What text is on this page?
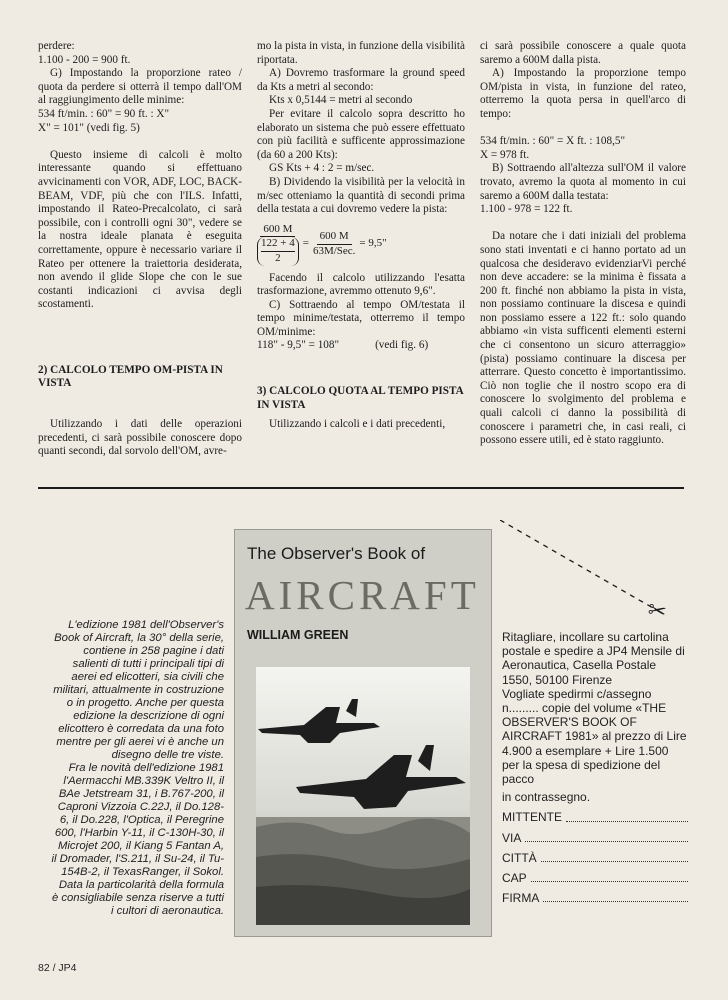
perdere:

1.100 - 200 = 900 ft.

G) Impostando la proporzione rateo / quota da perdere si otterrà il tempo dall'OM al raggiungimento delle minime:

534 ft/min. : 60" = 90 ft. : X"

X" = 101" (vedi fig. 5)

Questo insieme di calcoli è molto interessante quando si effettuano avvicinamenti con VOR, ADF, LOC, BACK-BEAM, VDF, più che con l'ILS. Infatti, impostando il Rateo-Precalcolato, ci sarà possibile, con i controlli ogni 30", vedere se la nostra ideale planata è eseguita correttamente, oppure è necessario variare il Rateo per ottenere la traiettoria desiderata, non avendo il glide Slope che con le sue costanti indicazioni ci avvisa degli scostamenti.

2) CALCOLO TEMPO OM-PISTA IN VISTA

Utilizzando i dati delle operazioni precedenti, ci sarà possibile conoscere dopo quanti secondi, dal sorvolo dell'OM, avre-

mo la pista in vista, in funzione della visibilità riportata.

A) Dovremo trasformare la ground speed da Kts a metri al secondo:

Kts x 0,5144 = metri al secondo

Per evitare il calcolo sopra descritto ho elaborato un sistema che può essere effettuato con più facilità e sufficente approssimazione (da 60 a 200 Kts):

GS Kts + 4 : 2 = m/sec.

B) Dividendo la visibilità per la velocità in m/sec otteniamo la quantità di secondi prima della testata a cui dovremo vedere la pista:

$\frac{600 M}{\frac{122 + 4}{2}}$ =
600 M
63M/Sec.
= 9,5"

Facendo il calcolo utilizzando l'esatta trasformazione, avremmo ottenuto 9,6".

C) Sottraendo al tempo OM/testata il tempo minime/testata, otterremo il tempo OM/minime:

118" - 9,5" = 108"	(vedi fig. 6)

3) CALCOLO QUOTA AL TEMPO PISTA IN VISTA

Utilizzando i calcoli e i dati precedenti,

ci sarà possibile conoscere a quale quota saremo a 600M dalla pista.

A) Impostando la proporzione tempo OM/pista in vista, in funzione del rateo, otterremo la quota persa in quell'arco di tempo:

534 ft/min. : 60" = X ft. : 108,5"

X = 978 ft.

B) Sottraendo all'altezza sull'OM il valore trovato, avremo la quota al momento in cui saremo a 600M dalla testata:

1.100 - 978 = 122 ft.

Da notare che i dati iniziali del problema sono stati inventati e ci hanno portato ad un qualcosa che desideravo evidenziarVi perché non deve accadere: se la minima è fissata a 200 ft. finché non abbiamo la pista in vista, non possiamo continuare la discesa e quindi non possiamo essere a 122 ft.: solo quando abbiamo «in vista sufficenti elementi esterni che ci consentono un sicuro atterraggio» (pista) possiamo continuare la discesa per atterrare. Questo concetto è importantissimo. Ciò non toglie che il nostro scopo era di conoscere lo svolgimento del problema e quali calcoli ci danno la possibilità di conoscere i parametri che, in casi reali, ci possono essere utili, ed è stato raggiunto.

✂
The Observer's Book of
AIRCRAFT
WILLIAM GREEN

L'edizione 1981 dell'Observer's Book of Aircraft, la 30° della serie, contiene in 258 pagine i dati salienti di tutti i principali tipi di aerei ed elicotteri, sia civili che militari, attualmente in costruzione o in progetto. Anche per questa edizione la descrizione di ogni elicottero è corredata da una foto mentre per gli aerei vi è anche un disegno delle tre viste.

Fra le novità dell'edizione 1981 l'Aermacchi MB.339K Veltro II, il BAe Jetstream 31, i B.767-200, il Caproni Vizzoia C.22J, il Do.128-6, il Do.228, l'Optica, il Peregrine 600, l'Harbin Y-11, il C-130H-30, il Microjet 200, il Kiang 5 Fantan A, il Dromader, l'S.211, il Su-24, il Tu-154B-2, il TexasRanger, il Sokol. Data la particolarità della formula è consigliabile senza riserve a tutti i cultori di aeronautica.

Ritagliare, incollare su cartolina postale e spedire a JP4 Mensile di Aeronautica, Casella Postale 1550, 50100 Firenze

Vogliate spedirmi c/assegno n......... copie del volume «THE OBSERVER'S BOOK OF AIRCRAFT 1981» al prezzo di Lire 4.900 a esemplare + Lire 1.500 per la spesa di spedizione del pacco

in contrassegno.

MITTENTE
VIA
CITTÀ
CAP
FIRMA
82 / JP4
